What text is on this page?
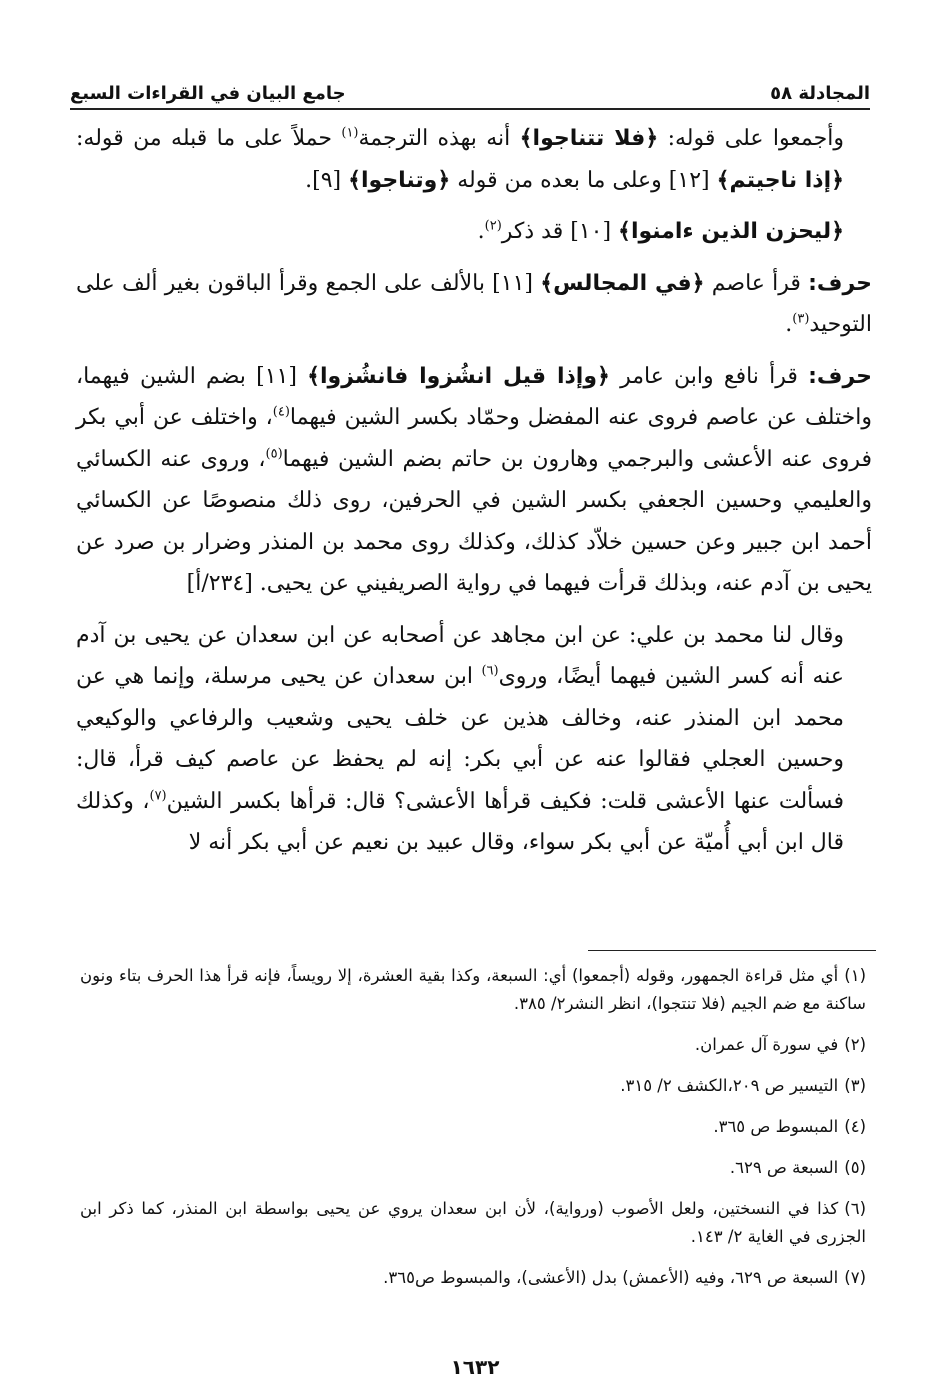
المجادلة ٥٨
جامع البيان في القراءات السبع

وأجمعوا على قوله: ﴿فلا تتناجوا﴾ أنه بهذه الترجمة$^{(١)}$ حملاً على ما قبله من قوله: ﴿إذا ناجيتم﴾ [١٢] وعلى ما بعده من قوله ﴿وتناجوا﴾ [٩].

﴿ليحزن الذين ءامنوا﴾ [١٠] قد ذكر$^{(٢)}$.

حرف: قرأ عاصم ﴿في المجالس﴾ [١١] بالألف على الجمع وقرأ الباقون بغير ألف على التوحيد$^{(٣)}$.

حرف: قرأ نافع وابن عامر ﴿وإذا قيل انشُزوا فانشُزوا﴾ [١١] بضم الشين فيهما، واختلف عن عاصم فروى عنه المفضل وحمّاد بكسر الشين فيهما$^{(٤)}$، واختلف عن أبي بكر فروى عنه الأعشى والبرجمي وهارون بن حاتم بضم الشين فيهما$^{(٥)}$، وروى عنه الكسائي والعليمي وحسين الجعفي بكسر الشين في الحرفين، روى ذلك منصوصًا عن الكسائي أحمد ابن جبير وعن حسين خلاّد كذلك، وكذلك روى محمد بن المنذر وضرار بن صرد عن يحيى بن آدم عنه، وبذلك قرأت فيهما في رواية الصريفيني عن يحيى. [٢٣٤/أ]

وقال لنا محمد بن علي: عن ابن مجاهد عن أصحابه عن ابن سعدان عن يحيى بن آدم عنه أنه كسر الشين فيهما أيضًا، وروى$^{(٦)}$ ابن سعدان عن يحيى مرسلة، وإنما هي عن محمد ابن المنذر عنه، وخالف هذين عن خلف يحيى وشعيب والرفاعي والوكيعي وحسين العجلي فقالوا عنه عن أبي بكر: إنه لم يحفظ عن عاصم كيف قرأ، قال: فسألت عنها الأعشى قلت: فكيف قرأها الأعشى؟ قال: قرأها بكسر الشين$^{(٧)}$، وكذلك قال ابن أبي أُميّة عن أبي بكر سواء، وقال عبيد بن نعيم عن أبي بكر أنه لا

(١)أي مثل قراءة الجمهور، وقوله (أجمعوا) أي: السبعة، وكذا بقية العشرة، إلا رويساً، فإنه قرأ هذا الحرف بتاء ونون ساكنة مع ضم الجيم (فلا تنتجوا)، انظر النشر٢/ ٣٨٥.

(٢)في سورة آل عمران.

(٣)التيسير ص ٢٠٩،الكشف ٢/ ٣١٥.

(٤)المبسوط ص ٣٦٥.

(٥)السبعة ص ٦٢٩.

(٦)كذا في النسختين، ولعل الأصوب (ورواية)، لأن ابن سعدان يروي عن يحيى بواسطة ابن المنذر، كما ذكر ابن الجزرى في الغاية ٢/ ١٤٣.

(٧)السبعة ص ٦٢٩، وفيه (الأعمش) بدل (الأعشى)، والمبسوط ص٣٦٥.

١٦٣٢
